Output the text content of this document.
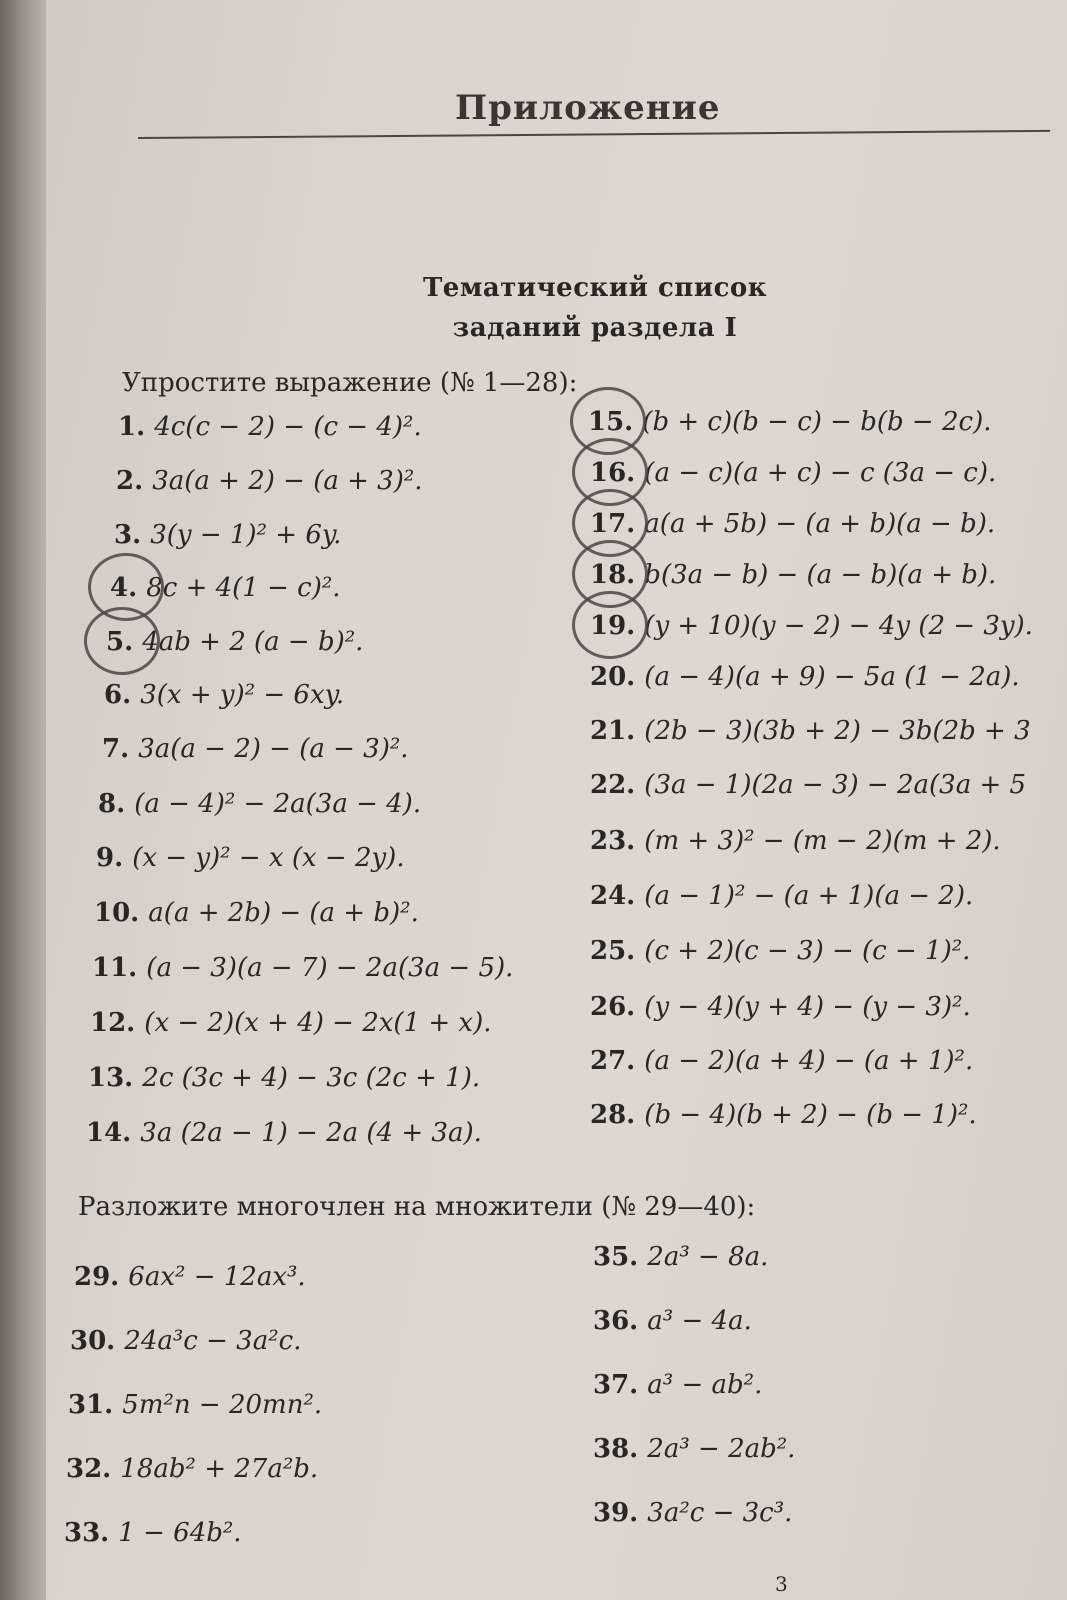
Приложение
Тематический список
заданий раздела I
Упростите выражение (№ 1—28):
1. 4c(c − 2) − (c − 4)².
2. 3a(a + 2) − (a + 3)².
3. 3(y − 1)² + 6y.
4. 8c + 4(1 − c)².
5. 4ab + 2 (a − b)².
6. 3(x + y)² − 6xy.
7. 3a(a − 2) − (a − 3)².
8. (a − 4)² − 2a(3a − 4).
9. (x − y)² − x (x − 2y).
10. a(a + 2b) − (a + b)².
11. (a − 3)(a − 7) − 2a(3a − 5).
12. (x − 2)(x + 4) − 2x(1 + x).
13. 2c (3c + 4) − 3c (2c + 1).
14. 3a (2a − 1) − 2a (4 + 3a).
15. (b + c)(b − c) − b(b − 2c).
16. (a − c)(a + c) − c (3a − c).
17. a(a + 5b) − (a + b)(a − b).
18. b(3a − b) − (a − b)(a + b).
19. (y + 10)(y − 2) − 4y (2 − 3y).
20. (a − 4)(a + 9) − 5a (1 − 2a).
21. (2b − 3)(3b + 2) − 3b(2b + 3
22. (3a − 1)(2a − 3) − 2a(3a + 5
23. (m + 3)² − (m − 2)(m + 2).
24. (a − 1)² − (a + 1)(a − 2).
25. (c + 2)(c − 3) − (c − 1)².
26. (y − 4)(y + 4) − (y − 3)².
27. (a − 2)(a + 4) − (a + 1)².
28. (b − 4)(b + 2) − (b − 1)².
Разложите многочлен на множители (№ 29—40):
29. 6ax² − 12ax³.
30. 24a³c − 3a²c.
31. 5m²n − 20mn².
32. 18ab² + 27a²b.
33. 1 − 64b².
35. 2a³ − 8a.
36. a³ − 4a.
37. a³ − ab².
38. 2a³ − 2ab².
39. 3a²c − 3c³.
3
